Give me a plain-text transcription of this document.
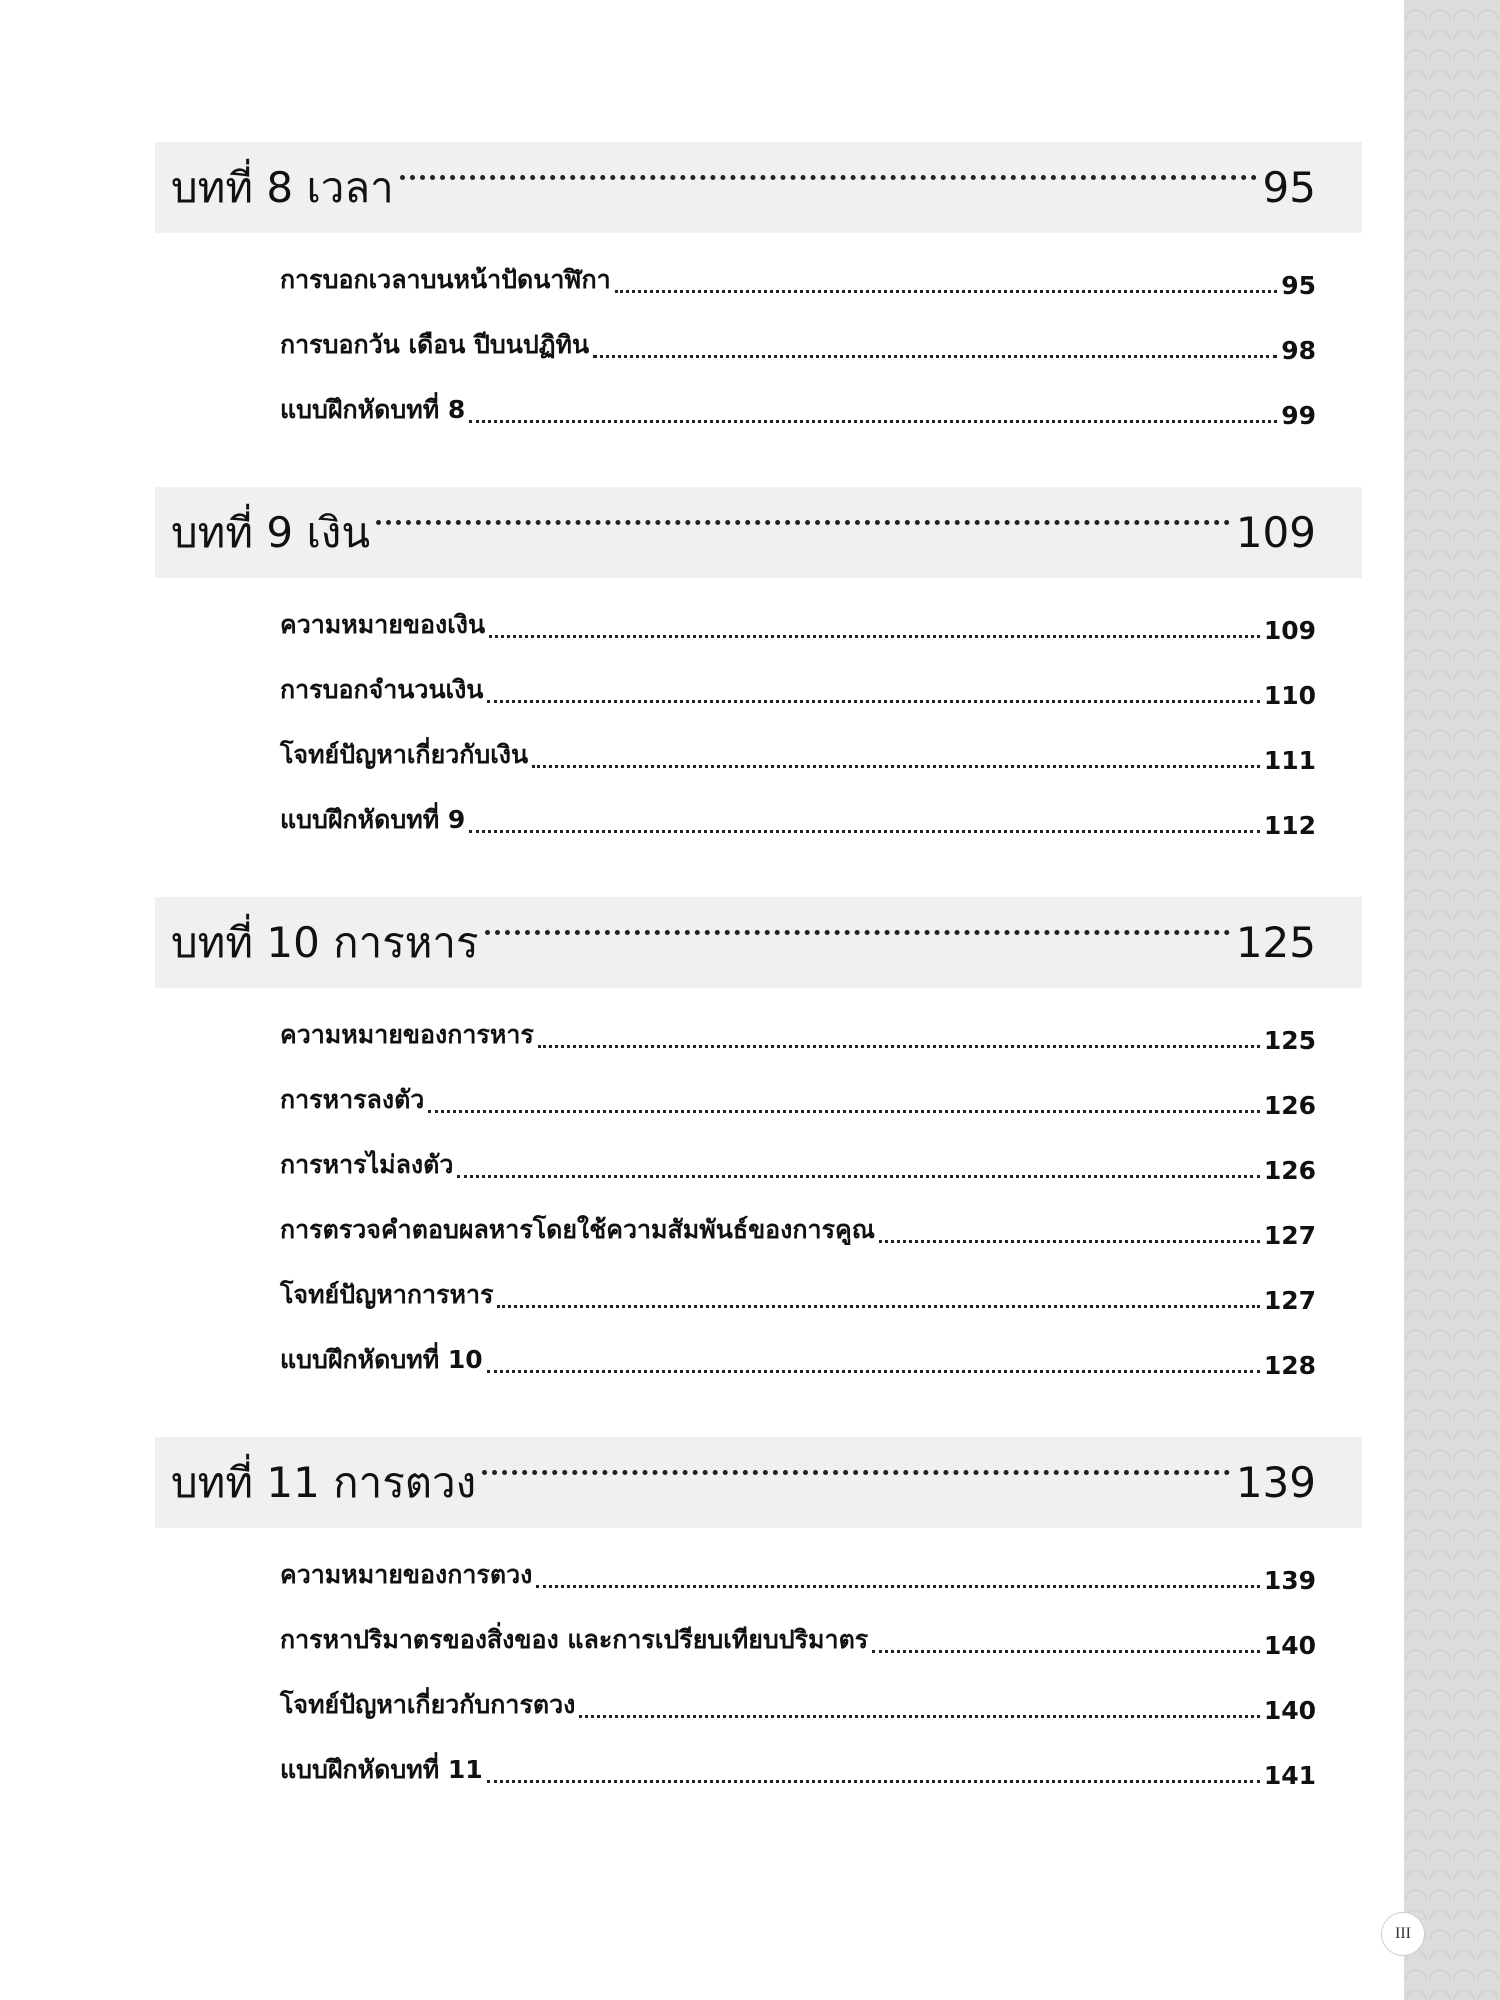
บทที่ 8 เวลา	95
การบอกเวลาบนหน้าปัดนาฬิกา	95
การบอกวัน เดือน ปีบนปฏิทิน	98
แบบฝึกหัดบทที่ 8	99
บทที่ 9 เงิน	109
ความหมายของเงิน	109
การบอกจำนวนเงิน	110
โจทย์ปัญหาเกี่ยวกับเงิน	111
แบบฝึกหัดบทที่ 9	112
บทที่ 10 การหาร	125
ความหมายของการหาร	125
การหารลงตัว	126
การหารไม่ลงตัว	126
การตรวจคำตอบผลหารโดยใช้ความสัมพันธ์ของการคูณ	127
โจทย์ปัญหาการหาร	127
แบบฝึกหัดบทที่ 10	128
บทที่ 11 การตวง	139
ความหมายของการตวง	139
การหาปริมาตรของสิ่งของ และการเปรียบเทียบปริมาตร	140
โจทย์ปัญหาเกี่ยวกับการตวง	140
แบบฝึกหัดบทที่ 11	141
III
